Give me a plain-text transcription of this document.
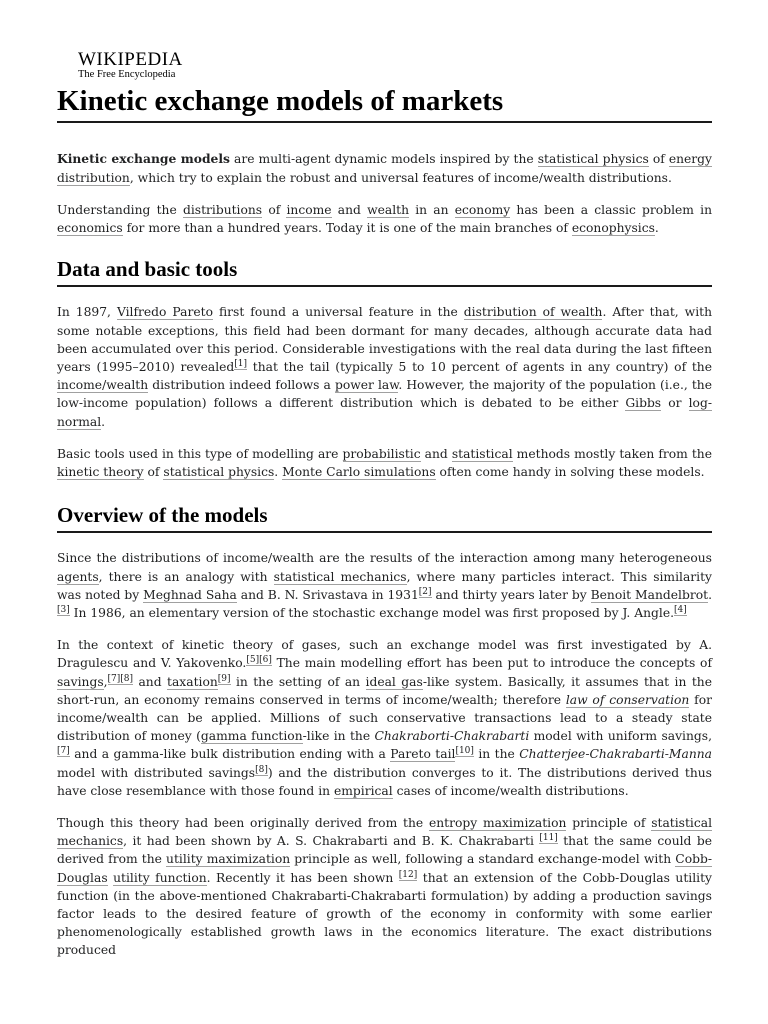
WIKIPEDIA
The Free Encyclopedia
Kinetic exchange models of markets

Kinetic exchange models are multi-agent dynamic models inspired by the statistical physics of energy distribution, which try to explain the robust and universal features of income/wealth distributions.

Understanding the distributions of income and wealth in an economy has been a classic problem in economics for more than a hundred years. Today it is one of the main branches of econophysics.

Data and basic tools

In 1897, Vilfredo Pareto first found a universal feature in the distribution of wealth. After that, with some notable exceptions, this field had been dormant for many decades, although accurate data had been accumulated over this period. Considerable investigations with the real data during the last fifteen years (1995–2010) revealed[1] that the tail (typically 5 to 10 percent of agents in any country) of the income/wealth distribution indeed follows a power law. However, the majority of the population (i.e., the low-income population) follows a different distribution which is debated to be either Gibbs or log-normal.

Basic tools used in this type of modelling are probabilistic and statistical methods mostly taken from the kinetic theory of statistical physics. Monte Carlo simulations often come handy in solving these models.

Overview of the models

Since the distributions of income/wealth are the results of the interaction among many heterogeneous agents, there is an analogy with statistical mechanics, where many particles interact. This similarity was noted by Meghnad Saha and B. N. Srivastava in 1931[2] and thirty years later by Benoit Mandelbrot.[3] In 1986, an elementary version of the stochastic exchange model was first proposed by J. Angle.[4]

In the context of kinetic theory of gases, such an exchange model was first investigated by A. Dragulescu and V. Yakovenko.[5][6] The main modelling effort has been put to introduce the concepts of savings,[7][8] and taxation[9] in the setting of an ideal gas-like system. Basically, it assumes that in the short-run, an economy remains conserved in terms of income/wealth; therefore law of conservation for income/wealth can be applied. Millions of such conservative transactions lead to a steady state distribution of money (gamma function-like in the Chakraborti-Chakrabarti model with uniform savings,[7] and a gamma-like bulk distribution ending with a Pareto tail[10] in the Chatterjee-Chakrabarti-Manna model with distributed savings[8]) and the distribution converges to it. The distributions derived thus have close resemblance with those found in empirical cases of income/wealth distributions.

Though this theory had been originally derived from the entropy maximization principle of statistical mechanics, it had been shown by A. S. Chakrabarti and B. K. Chakrabarti [11] that the same could be derived from the utility maximization principle as well, following a standard exchange-model with Cobb-Douglas utility function. Recently it has been shown [12] that an extension of the Cobb-Douglas utility function (in the above-mentioned Chakrabarti-Chakrabarti formulation) by adding a production savings factor leads to the desired feature of growth of the economy in conformity with some earlier phenomenologically established growth laws in the economics literature. The exact distributions produced
